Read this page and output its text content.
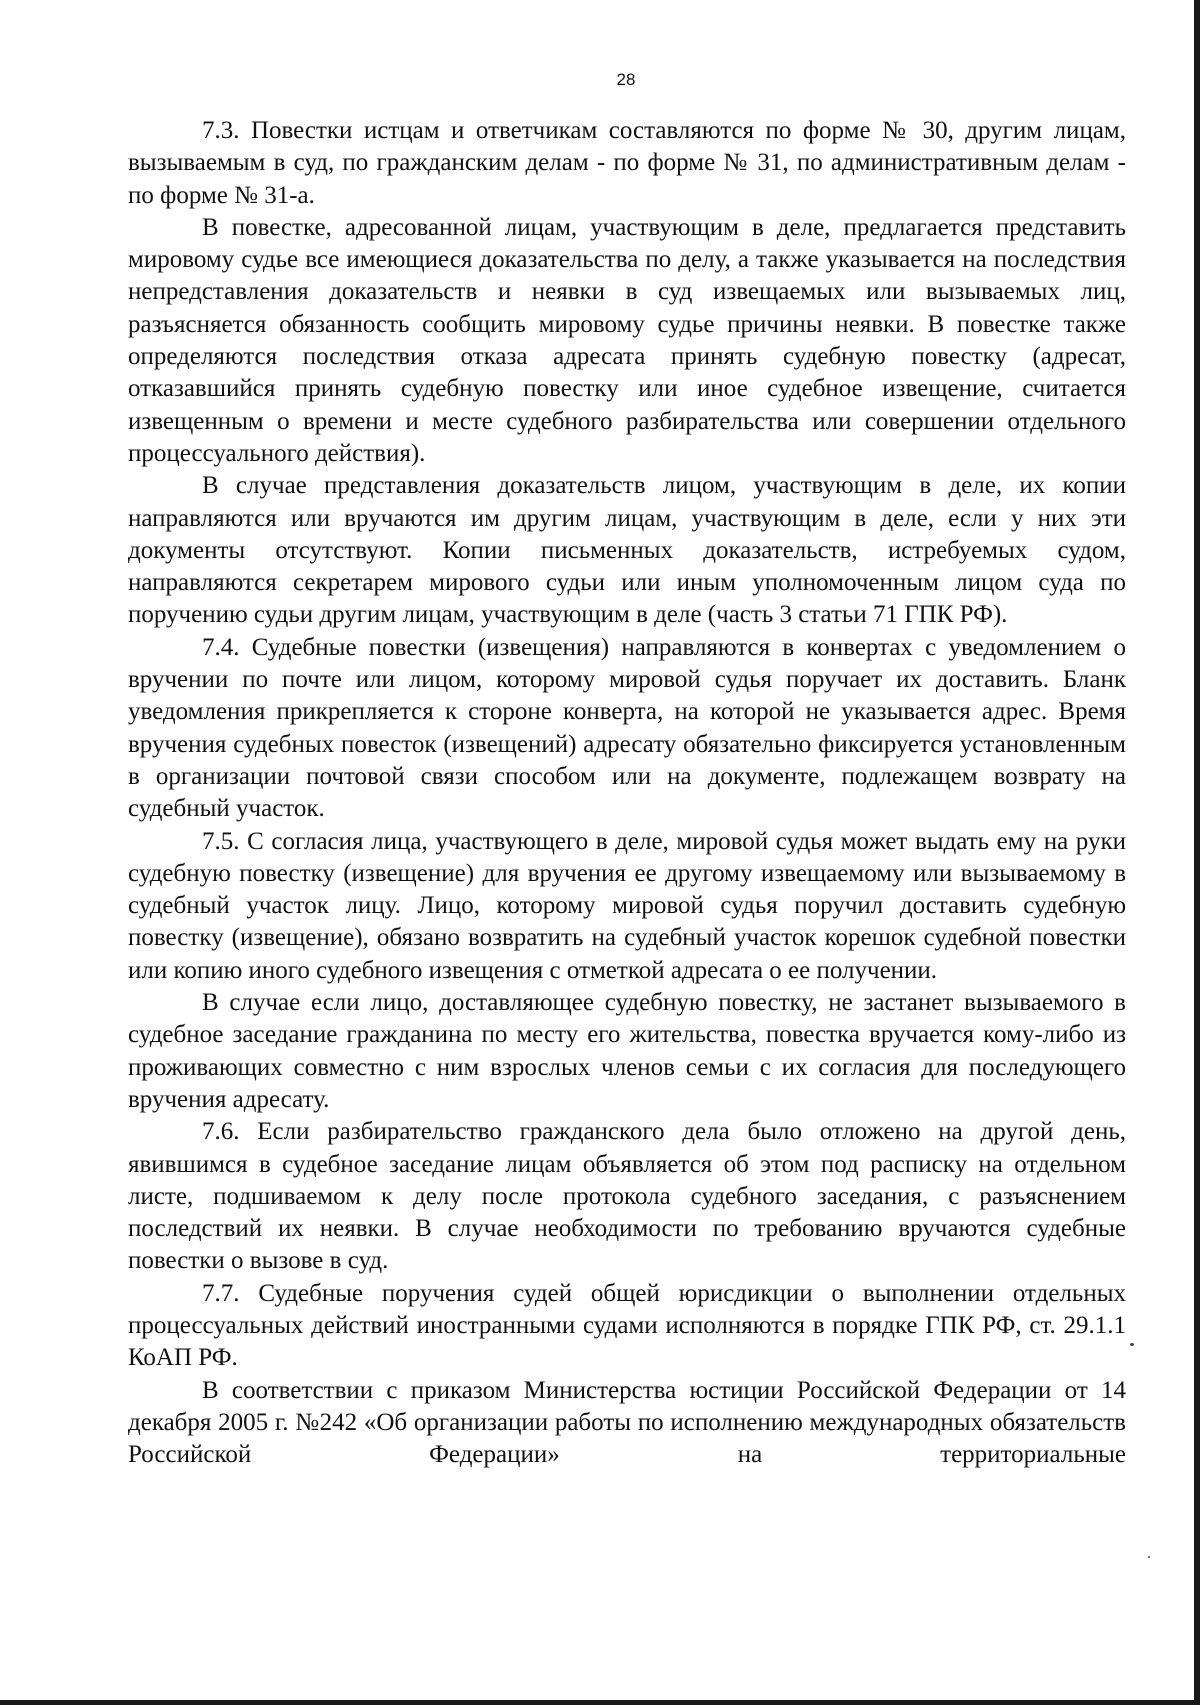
28

7.3. Повестки истцам и ответчикам составляются по форме № 30, другим лицам, вызываемым в суд, по гражданским делам - по форме № 31, по административным делам - по форме № 31-а.

В повестке, адресованной лицам, участвующим в деле, предлагается представить мировому судье все имеющиеся доказательства по делу, а также указывается на последствия непредставления доказательств и неявки в суд извещаемых или вызываемых лиц, разъясняется обязанность сообщить мировому судье причины неявки. В повестке также определяются последствия отказа адресата принять судебную повестку (адресат, отказавшийся принять судебную повестку или иное судебное извещение, считается извещенным о времени и месте судебного разбирательства или совершении отдельного процессуального действия).

В случае представления доказательств лицом, участвующим в деле, их копии направляются или вручаются им другим лицам, участвующим в деле, если у них эти документы отсутствуют. Копии письменных доказательств, истребуемых судом, направляются секретарем мирового судьи или иным уполномоченным лицом суда по поручению судьи другим лицам, участвующим в деле (часть 3 статьи 71 ГПК РФ).

7.4. Судебные повестки (извещения) направляются в конвертах с уведомлением о вручении по почте или лицом, которому мировой судья поручает их доставить. Бланк уведомления прикрепляется к стороне конверта, на которой не указывается адрес. Время вручения судебных повесток (извещений) адресату обязательно фиксируется установленным в организации почтовой связи способом или на документе, подлежащем возврату на судебный участок.

7.5. С согласия лица, участвующего в деле, мировой судья может выдать ему на руки судебную повестку (извещение) для вручения ее другому извещаемому или вызываемому в судебный участок лицу. Лицо, которому мировой судья поручил доставить судебную повестку (извещение), обязано возвратить на судебный участок корешок судебной повестки или копию иного судебного извещения с отметкой адресата о ее получении.

В случае если лицо, доставляющее судебную повестку, не застанет вызываемого в судебное заседание гражданина по месту его жительства, повестка вручается кому-либо из проживающих совместно с ним взрослых членов семьи с их согласия для последующего вручения адресату.

7.6. Если разбирательство гражданского дела было отложено на другой день, явившимся в судебное заседание лицам объявляется об этом под расписку на отдельном листе, подшиваемом к делу после протокола судебного заседания, с разъяснением последствий их неявки. В случае необходимости по требованию вручаются судебные повестки о вызове в суд.

7.7. Судебные поручения судей общей юрисдикции о выполнении отдельных процессуальных действий иностранными судами исполняются в порядке ГПК РФ, ст. 29.1.1 КоАП РФ.

В соответствии с приказом Министерства юстиции Российской Федерации от 14 декабря 2005 г. №242 «Об организации работы по исполнению международных обязательств Российской Федерации» на территориальные
